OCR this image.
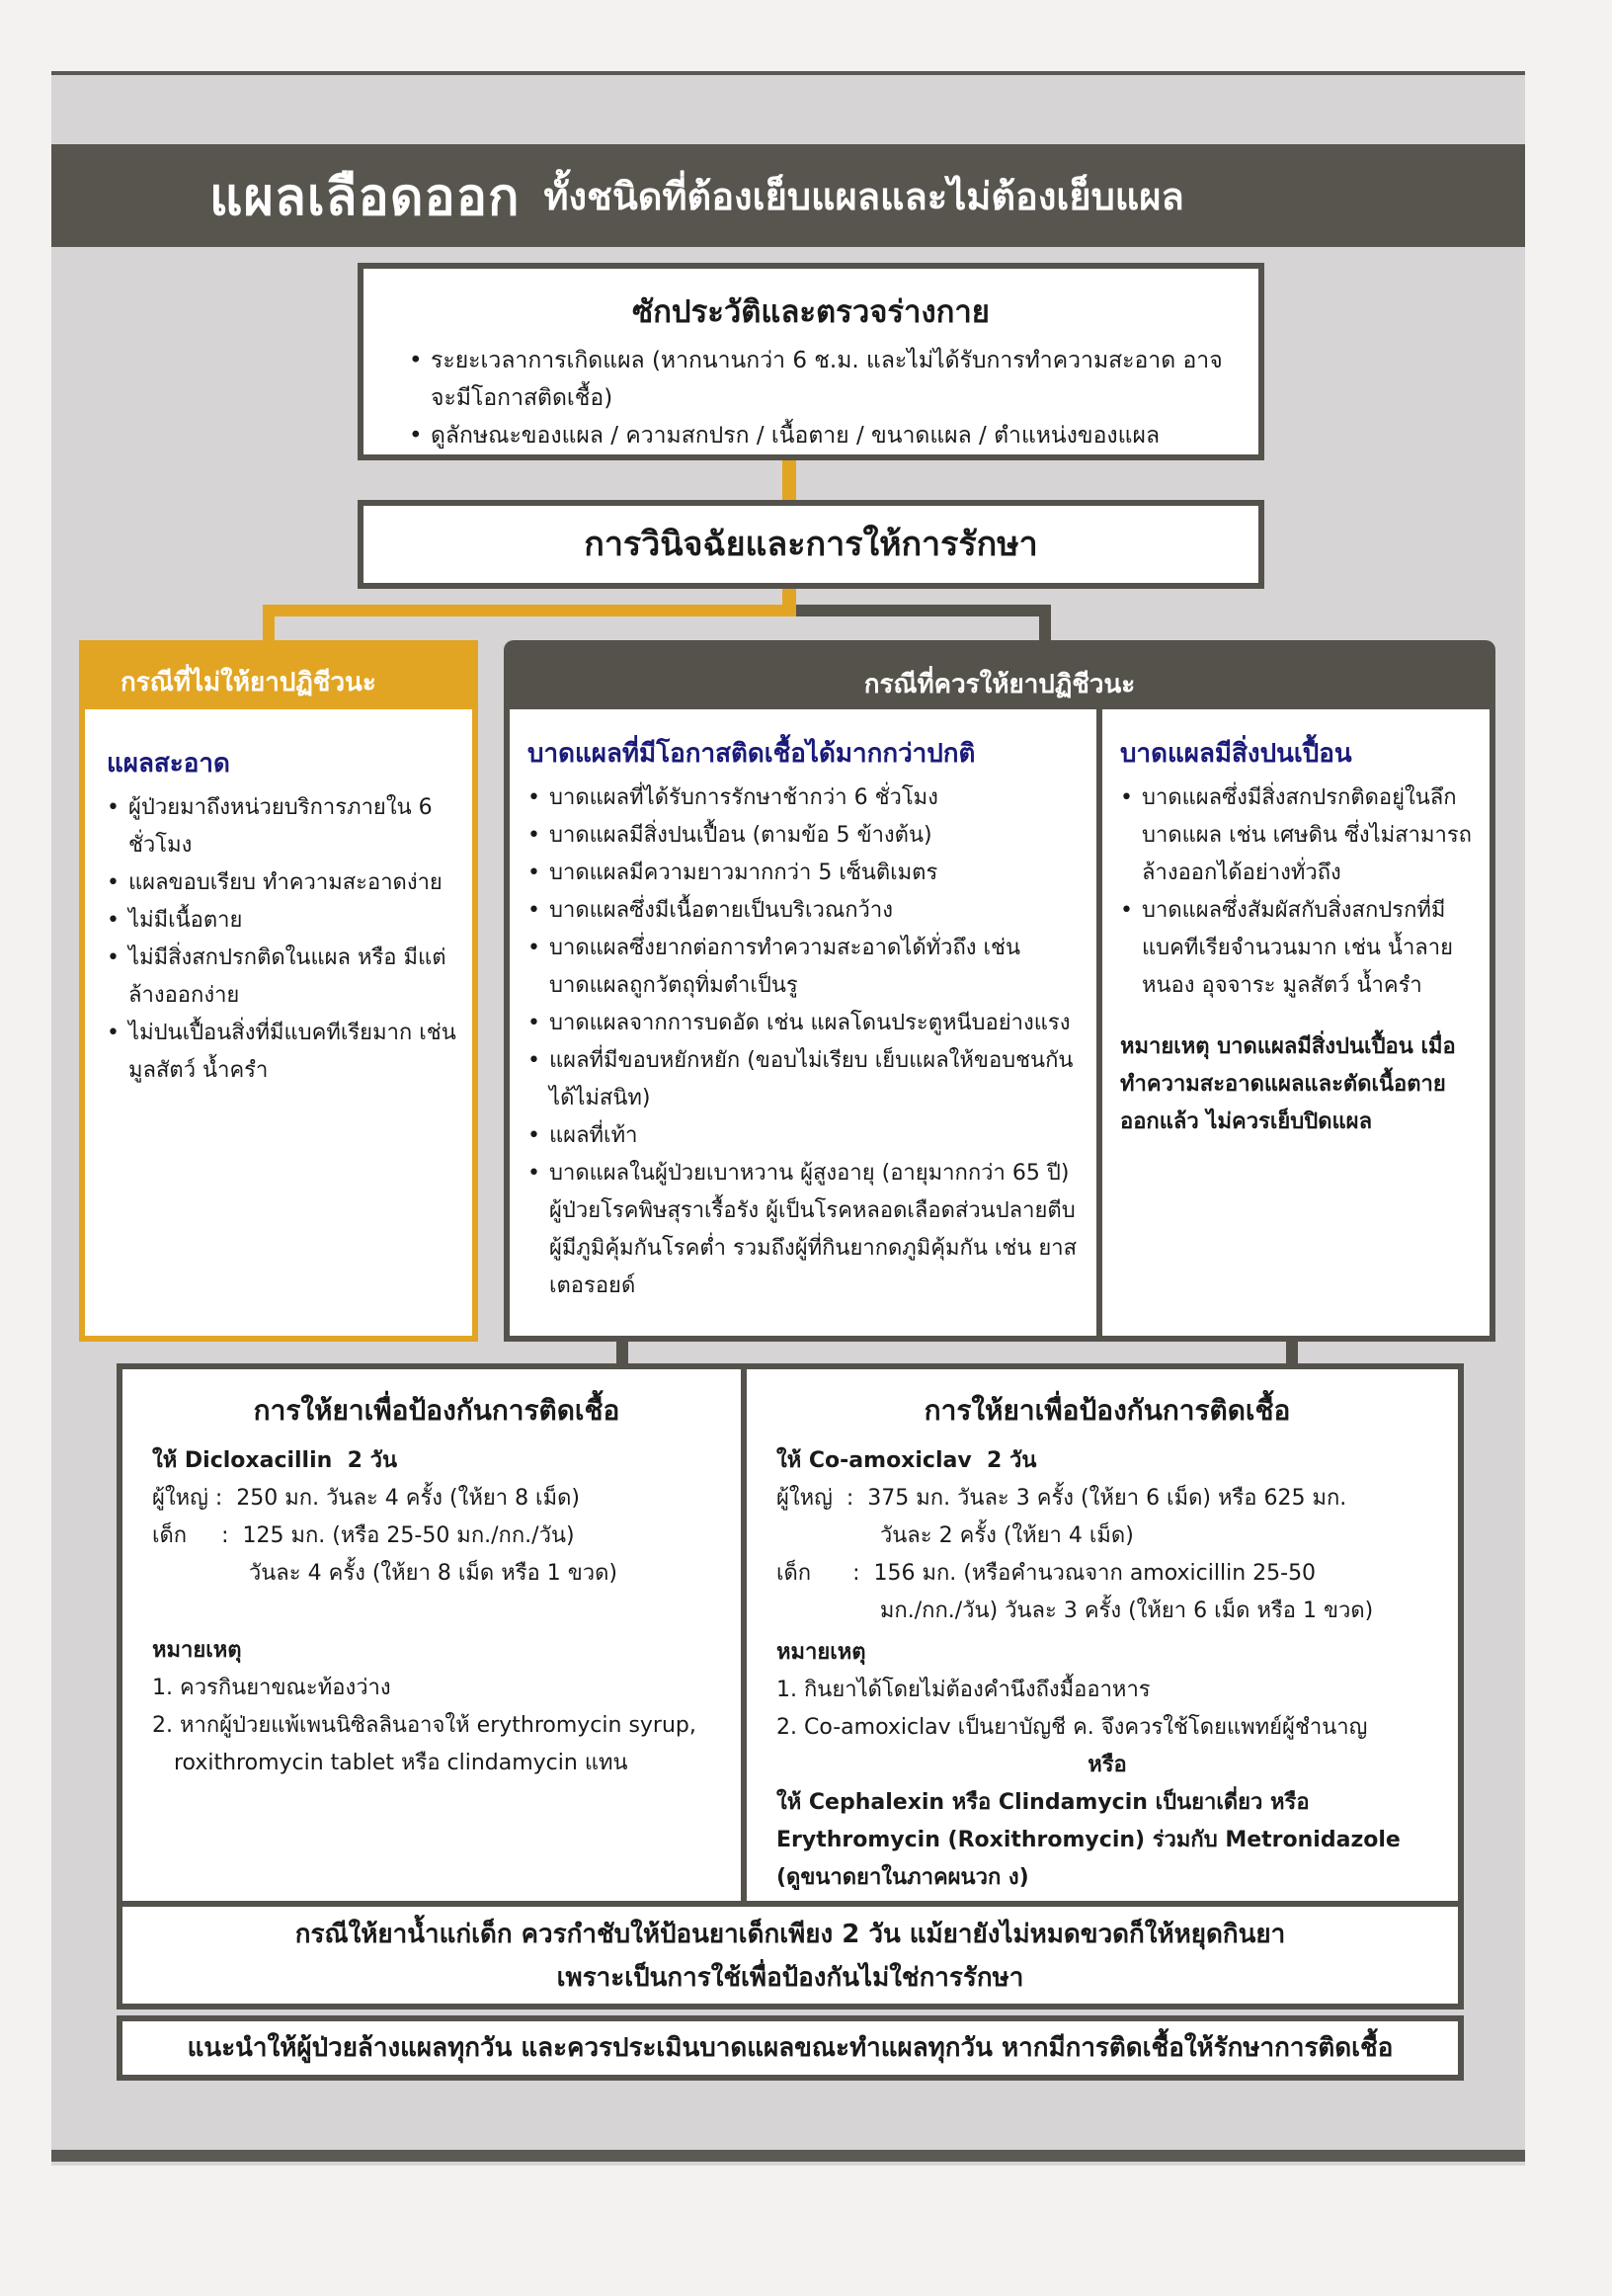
แผลเลือดออก ทั้งชนิดที่ต้องเย็บแผลและไม่ต้องเย็บแผล
ซักประวัติและตรวจร่างกาย
• ระยะเวลาการเกิดแผล (หากนานกว่า 6 ช.ม. และไม่ได้รับการทำความสะอาด อาจจะมีโอกาสติดเชื้อ)
• ดูลักษณะของแผล / ความสกปรก / เนื้อตาย / ขนาดแผล / ตำแหน่งของแผล
การวินิจฉัยและการให้การรักษา
กรณีที่ไม่ให้ยาปฏิชีวนะ
แผลสะอาด
• ผู้ป่วยมาถึงหน่วยบริการภายใน 6 ชั่วโมง
• แผลขอบเรียบ ทำความสะอาดง่าย
• ไม่มีเนื้อตาย
• ไม่มีสิ่งสกปรกติดในแผล หรือ มีแต่ล้างออกง่าย
• ไม่ปนเปื้อนสิ่งที่มีแบคทีเรียมาก เช่น มูลสัตว์ น้ำครำ
กรณีที่ควรให้ยาปฏิชีวนะ
บาดแผลที่มีโอกาสติดเชื้อได้มากกว่าปกติ
• บาดแผลที่ได้รับการรักษาช้ากว่า 6 ชั่วโมง
• บาดแผลมีสิ่งปนเปื้อน (ตามข้อ 5 ข้างต้น)
• บาดแผลมีความยาวมากกว่า 5 เซ็นติเมตร
• บาดแผลซึ่งมีเนื้อตายเป็นบริเวณกว้าง
• บาดแผลซึ่งยากต่อการทำความสะอาดได้ทั่วถึง เช่น บาดแผลถูกวัตถุทิ่มตำเป็นรู
• บาดแผลจากการบดอัด เช่น แผลโดนประตูหนีบอย่างแรง
• แผลที่มีขอบหยักหยัก (ขอบไม่เรียบ เย็บแผลให้ขอบชนกันได้ไม่สนิท)
• แผลที่เท้า
• บาดแผลในผู้ป่วยเบาหวาน ผู้สูงอายุ (อายุมากกว่า 65 ปี) ผู้ป่วยโรคพิษสุราเรื้อรัง ผู้เป็นโรคหลอดเลือดส่วนปลายตีบ ผู้มีภูมิคุ้มกันโรคต่ำ รวมถึงผู้ที่กินยากดภูมิคุ้มกัน เช่น ยาสเตอรอยด์
บาดแผลมีสิ่งปนเปื้อน
• บาดแผลซึ่งมีสิ่งสกปรกติดอยู่ในลึกบาดแผล เช่น เศษดิน ซึ่งไม่สามารถล้างออกได้อย่างทั่วถึง
• บาดแผลซึ่งสัมผัสกับสิ่งสกปรกที่มีแบคทีเรียจำนวนมาก เช่น น้ำลาย หนอง อุจจาระ มูลสัตว์ น้ำครำ
หมายเหตุ บาดแผลมีสิ่งปนเปื้อน เมื่อทำความสะอาดแผลและตัดเนื้อตายออกแล้ว ไม่ควรเย็บปิดแผล
การให้ยาเพื่อป้องกันการติดเชื้อ
ให้ Dicloxacillin  2 วัน
ผู้ใหญ่ :  250 มก. วันละ 4 ครั้ง (ให้ยา 8 เม็ด)
เด็ก     :  125 มก. (หรือ 25-50 มก./กก./วัน)
วันละ 4 ครั้ง (ให้ยา 8 เม็ด หรือ 1 ขวด)
หมายเหตุ
1. ควรกินยาขณะท้องว่าง
2. หากผู้ป่วยแพ้เพนนิซิลลินอาจให้ erythromycin syrup, roxithromycin tablet หรือ clindamycin แทน
การให้ยาเพื่อป้องกันการติดเชื้อ
ให้ Co-amoxiclav  2 วัน
ผู้ใหญ่  :  375 มก. วันละ 3 ครั้ง (ให้ยา 6 เม็ด) หรือ 625 มก.
วันละ 2 ครั้ง (ให้ยา 4 เม็ด)
เด็ก      :  156 มก. (หรือคำนวณจาก amoxicillin 25-50
มก./กก./วัน) วันละ 3 ครั้ง (ให้ยา 6 เม็ด หรือ 1 ขวด)
หมายเหตุ
1. กินยาได้โดยไม่ต้องคำนึงถึงมื้ออาหาร
2. Co-amoxiclav เป็นยาบัญชี ค. จึงควรใช้โดยแพทย์ผู้ชำนาญ
หรือ
ให้ Cephalexin หรือ Clindamycin เป็นยาเดี่ยว หรือ Erythromycin (Roxithromycin) ร่วมกับ Metronidazole
(ดูขนาดยาในภาคผนวก ง)
กรณีให้ยาน้ำแก่เด็ก ควรกำชับให้ป้อนยาเด็กเพียง 2 วัน แม้ยายังไม่หมดขวดก็ให้หยุดกินยา
เพราะเป็นการใช้เพื่อป้องกันไม่ใช่การรักษา
แนะนำให้ผู้ป่วยล้างแผลทุกวัน และควรประเมินบาดแผลขณะทำแผลทุกวัน หากมีการติดเชื้อให้รักษาการติดเชื้อ
